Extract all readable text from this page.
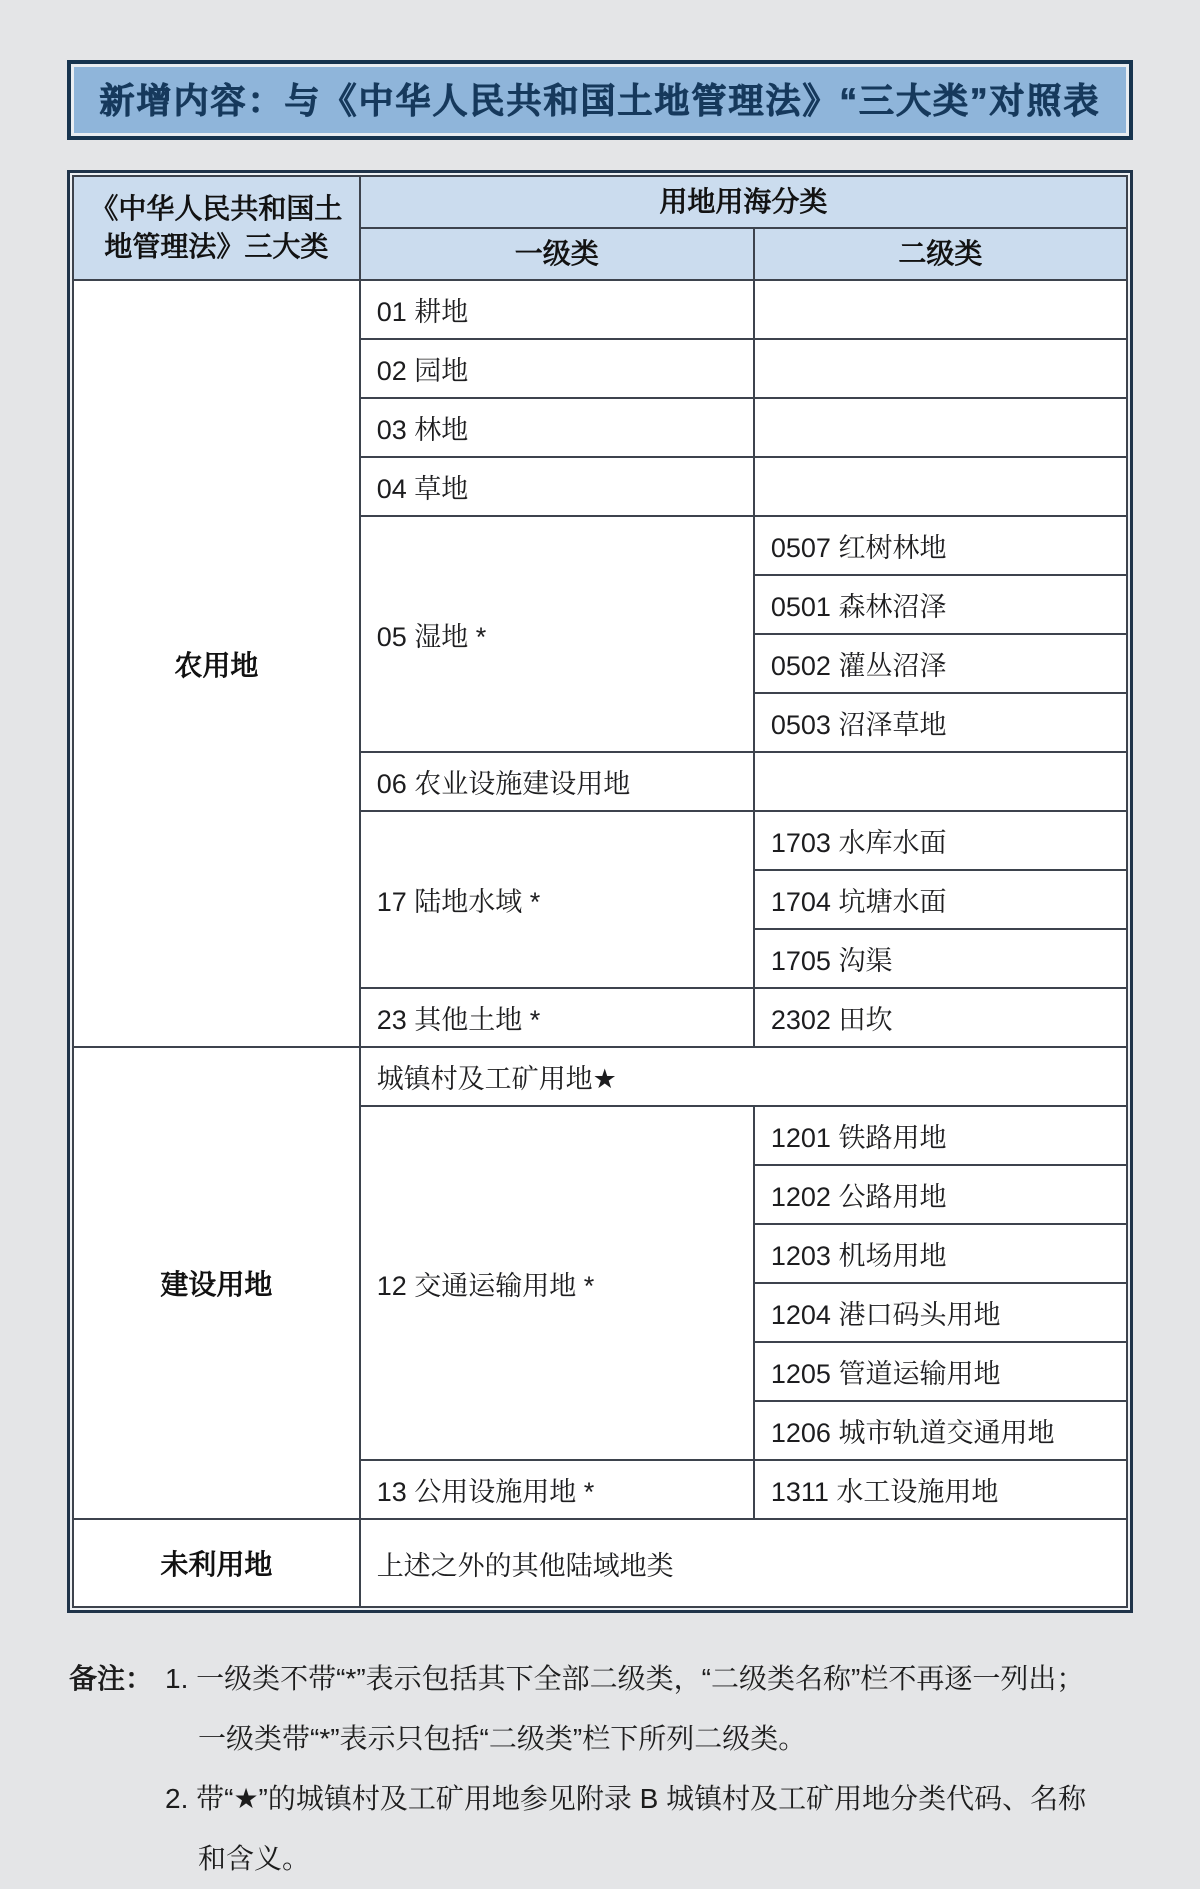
新增内容：与《中华人民共和国土地管理法》“三大类”对照表
《中华人民共和国土地管理法》三大类	用地用海分类	
	一级类	二级类
农用地	01 耕地	
	02 园地	
	03 林地	
	04 草地	
	05 湿地 *	0507 红树林地
		0501 森林沼泽
		0502 灌丛沼泽
		0503 沼泽草地
	06 农业设施建设用地	
	17 陆地水域 *	1703 水库水面
		1704 坑塘水面
		1705 沟渠
	23 其他土地 *	2302 田坎
建设用地	城镇村及工矿用地★	
	12 交通运输用地 *	1201 铁路用地
		1202 公路用地
		1203 机场用地
		1204 港口码头用地
		1205 管道运输用地
		1206 城市轨道交通用地
	13 公用设施用地 *	1311 水工设施用地
未利用地	上述之外的其他陆域地类	
备注： 1. 一级类不带“*”表示包括其下全部二级类，“二级类名称”栏不再逐一列出；
一级类带“*”表示只包括“二级类”栏下所列二级类。
2. 带“★”的城镇村及工矿用地参见附录 B 城镇村及工矿用地分类代码、名称
和含义。
